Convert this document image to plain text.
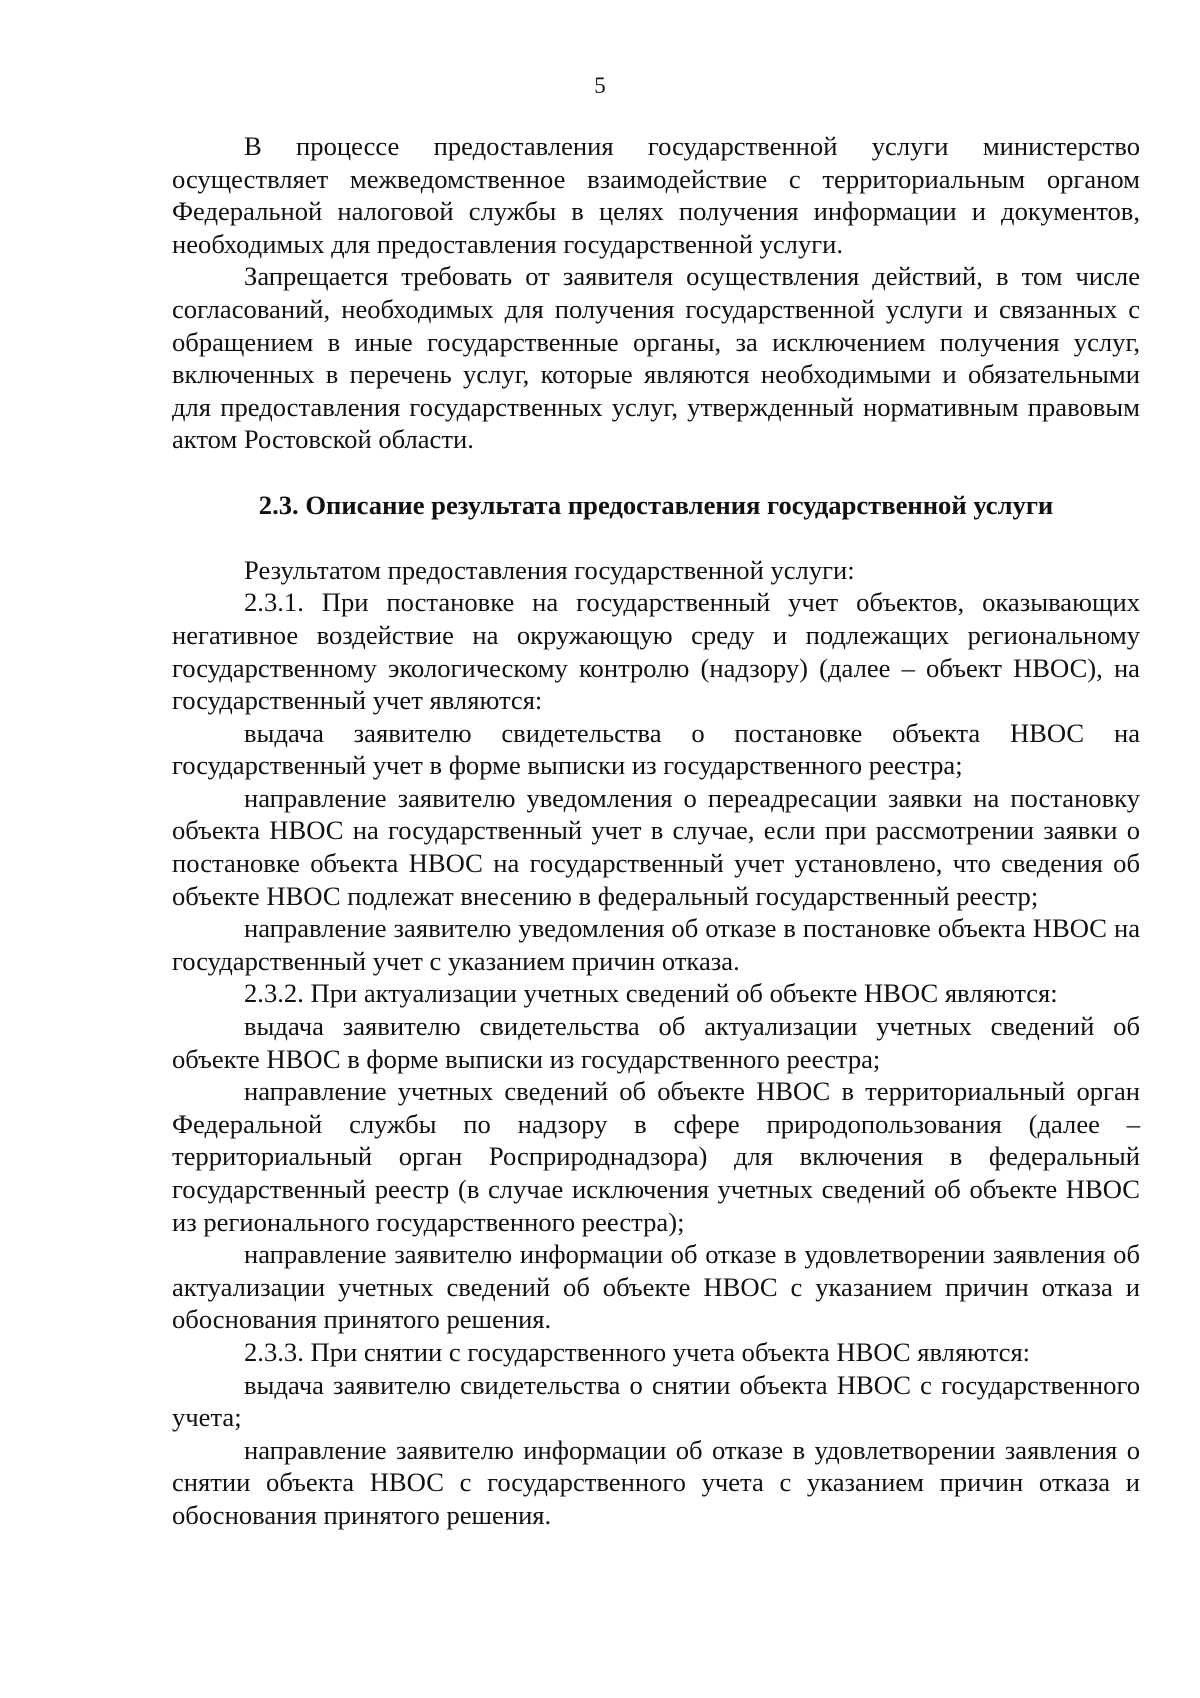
5

В процессе предоставления государственной услуги министерство осуществляет межведомственное взаимодействие с территориальным органом Федеральной налоговой службы в целях получения информации и документов, необходимых для предоставления государственной услуги.

Запрещается требовать от заявителя осуществления действий, в том числе согласований, необходимых для получения государственной услуги и связанных с обращением в иные государственные органы, за исключением получения услуг, включенных в перечень услуг, которые являются необходимыми и обязательными для предоставления государственных услуг, утвержденный нормативным правовым актом Ростовской области.

2.3. Описание результата предоставления государственной услуги

Результатом предоставления государственной услуги:

2.3.1. При постановке на государственный учет объектов, оказывающих негативное воздействие на окружающую среду и подлежащих региональному государственному экологическому контролю (надзору) (далее – объект НВОС), на государственный учет являются:

выдача заявителю свидетельства о постановке объекта НВОС на государственный учет в форме выписки из государственного реестра;

направление заявителю уведомления о переадресации заявки на постановку объекта НВОС на государственный учет в случае, если при рассмотрении заявки о постановке объекта НВОС на государственный учет установлено, что сведения об объекте НВОС подлежат внесению в федеральный государственный реестр;

направление заявителю уведомления об отказе в постановке объекта НВОС на государственный учет с указанием причин отказа.

2.3.2. При актуализации учетных сведений об объекте НВОС являются:

выдача заявителю свидетельства об актуализации учетных сведений об объекте НВОС в форме выписки из государственного реестра;

направление учетных сведений об объекте НВОС в территориальный орган Федеральной службы по надзору в сфере природопользования (далее – территориальный орган Росприроднадзора) для включения в федеральный государственный реестр (в случае исключения учетных сведений об объекте НВОС из регионального государственного реестра);

направление заявителю информации об отказе в удовлетворении заявления об актуализации учетных сведений об объекте НВОС с указанием причин отказа и обоснования принятого решения.

2.3.3. При снятии с государственного учета объекта НВОС являются:

выдача заявителю свидетельства о снятии объекта НВОС с государственного учета;

направление заявителю информации об отказе в удовлетворении заявления о снятии объекта НВОС с государственного учета с указанием причин отказа и обоснования принятого решения.
